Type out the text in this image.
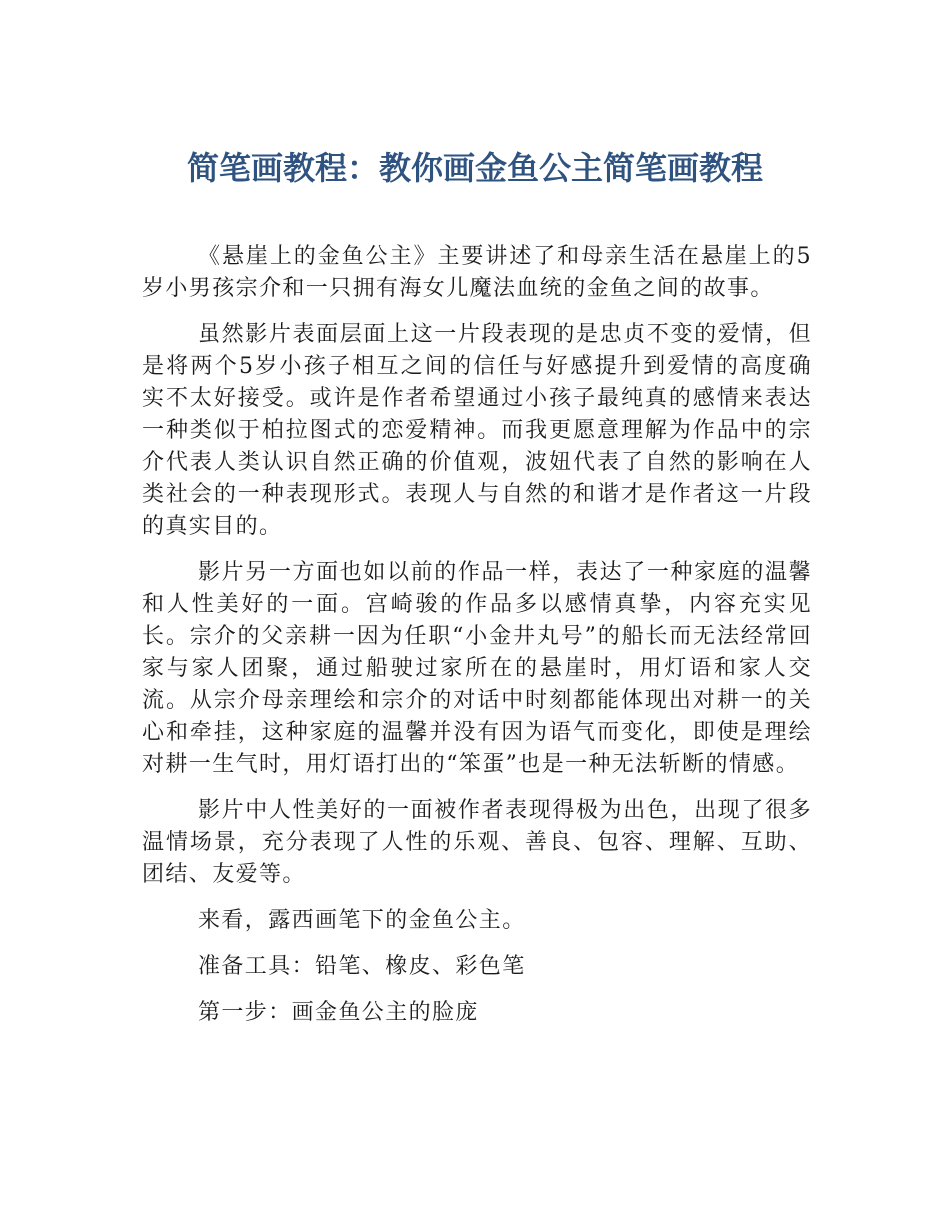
简笔画教程：教你画金鱼公主简笔画教程

《悬崖上的金鱼公主》主要讲述了和母亲生活在悬崖上的5岁小男孩宗介和一只拥有海女儿魔法血统的金鱼之间的故事。

虽然影片表面层面上这一片段表现的是忠贞不变的爱情，但是将两个5岁小孩子相互之间的信任与好感提升到爱情的高度确实不太好接受。或许是作者希望通过小孩子最纯真的感情来表达一种类似于柏拉图式的恋爱精神。而我更愿意理解为作品中的宗介代表人类认识自然正确的价值观，波妞代表了自然的影响在人类社会的一种表现形式。表现人与自然的和谐才是作者这一片段的真实目的。

影片另一方面也如以前的作品一样，表达了一种家庭的温馨和人性美好的一面。宫崎骏的作品多以感情真挚，内容充实见长。宗介的父亲耕一因为任职“小金井丸号”的船长而无法经常回家与家人团聚，通过船驶过家所在的悬崖时，用灯语和家人交流。从宗介母亲理绘和宗介的对话中时刻都能体现出对耕一的关心和牵挂，这种家庭的温馨并没有因为语气而变化，即使是理绘对耕一生气时，用灯语打出的“笨蛋”也是一种无法斩断的情感。

影片中人性美好的一面被作者表现得极为出色，出现了很多温情场景，充分表现了人性的乐观、善良、包容、理解、互助、团结、友爱等。

来看，露西画笔下的金鱼公主。

准备工具：铅笔、橡皮、彩色笔

第一步：画金鱼公主的脸庞
